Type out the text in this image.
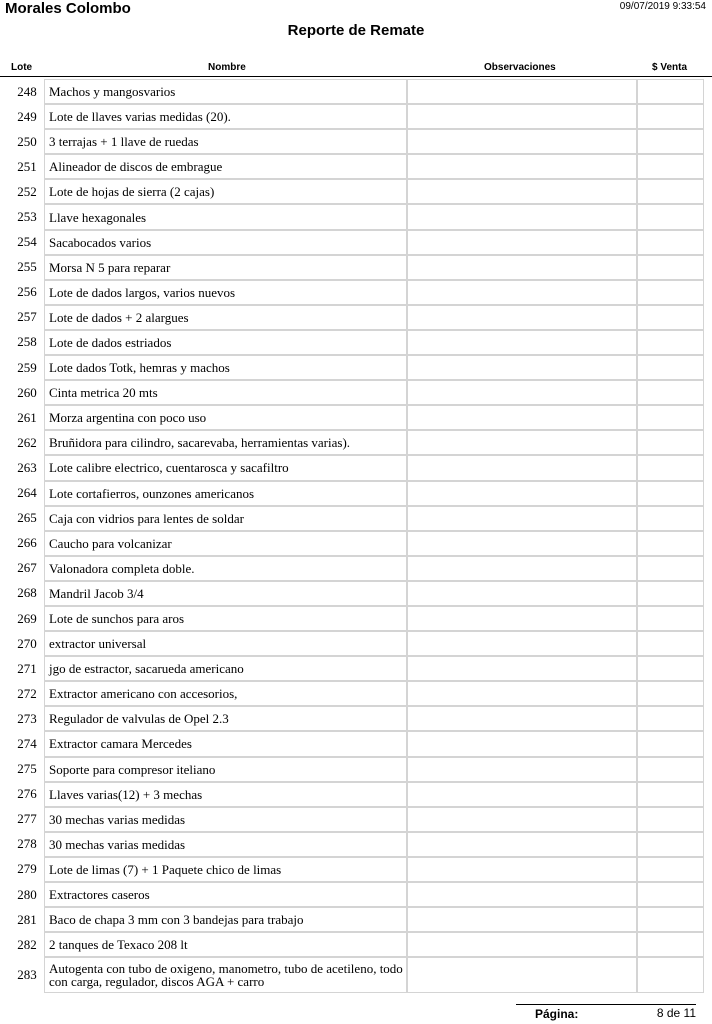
Morales Colombo	09/07/2019 9:33:54
Reporte de Remate
Lote	Nombre	Observaciones	$ Venta
248 Machos y mangosvarios
249 Lote de llaves varias medidas (20).
250 3 terrajas + 1 llave de ruedas
251 Alineador de discos de embrague
252 Lote de hojas de sierra (2 cajas)
253 Llave hexagonales
254 Sacabocados varios
255 Morsa N 5 para reparar
256 Lote de dados largos, varios nuevos
257 Lote de dados + 2 alargues
258 Lote de dados estriados
259 Lote dados Totk, hemras y machos
260 Cinta metrica 20 mts
261 Morza argentina con poco uso
262 Bruñidora para cilindro, sacarevaba, herramientas varias).
263 Lote calibre electrico, cuentarosca y sacafiltro
264 Lote cortafierros, ounzones americanos
265 Caja con vidrios para lentes de soldar
266 Caucho para volcanizar
267 Valonadora completa doble.
268 Mandril Jacob 3/4
269 Lote de sunchos para aros
270 extractor universal
271 jgo de estractor, sacarueda americano
272 Extractor americano con accesorios,
273 Regulador de valvulas de Opel 2.3
274 Extractor camara Mercedes
275 Soporte para compresor iteliano
276 Llaves varias(12) + 3 mechas
277 30 mechas varias medidas
278 30 mechas varias medidas
279 Lote de limas (7) + 1 Paquete chico de limas
280 Extractores caseros
281 Baco de chapa 3 mm con 3 bandejas para trabajo
282 2 tanques de Texaco 208 lt
283 Autogenta con tubo de oxigeno, manometro, tubo de acetileno, todo con carga, regulador, discos AGA + carro
Página:	8 de 11
